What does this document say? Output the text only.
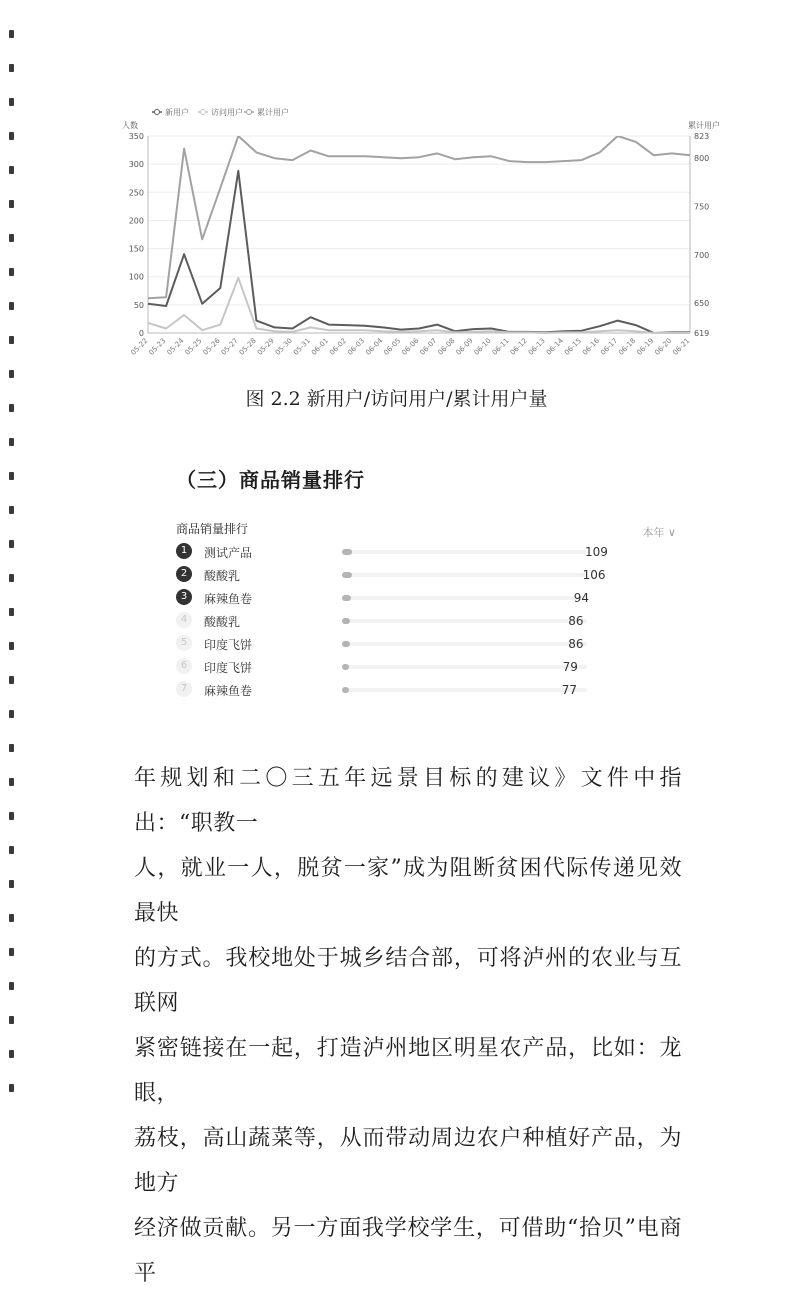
0
50
100
150
200
250
300
350	823
800
750
700
650
619
人数	累计用户
新用户	访问用户 累计用户
05-22
05-23
05-24
05-25
05-26
05-27
05-28
05-29
05-30
05-31
06-01
06-02
06-03
06-04
06-05
06-06
06-07
06-08
06-09
06-10
06-11
06-12
06-13
06-14
06-15
06-16
06-17
06-18
06-19
06-20
06-21
图 2.2 新用户/访问用户/累计用户量
（三）商品销量排行
商品销量排行	本年 ∨
1	测试产品	109
2	酸酸乳	106
3	麻辣鱼卷	94
4	酸酸乳	86
5	印度飞饼	86
6	印度飞饼	79
7	麻辣鱼卷	77
年规划和二〇三五年远景目标的建议》文件中指出：“职教一
人，就业一人，脱贫一家”成为阻断贫困代际传递见效最快
的方式。我校地处于城乡结合部，可将泸州的农业与互联网
紧密链接在一起，打造泸州地区明星农产品，比如：龙眼，
荔枝，高山蔬菜等，从而带动周边农户种植好产品，为地方
经济做贡献。另一方面我学校学生，可借助“拾贝”电商平
